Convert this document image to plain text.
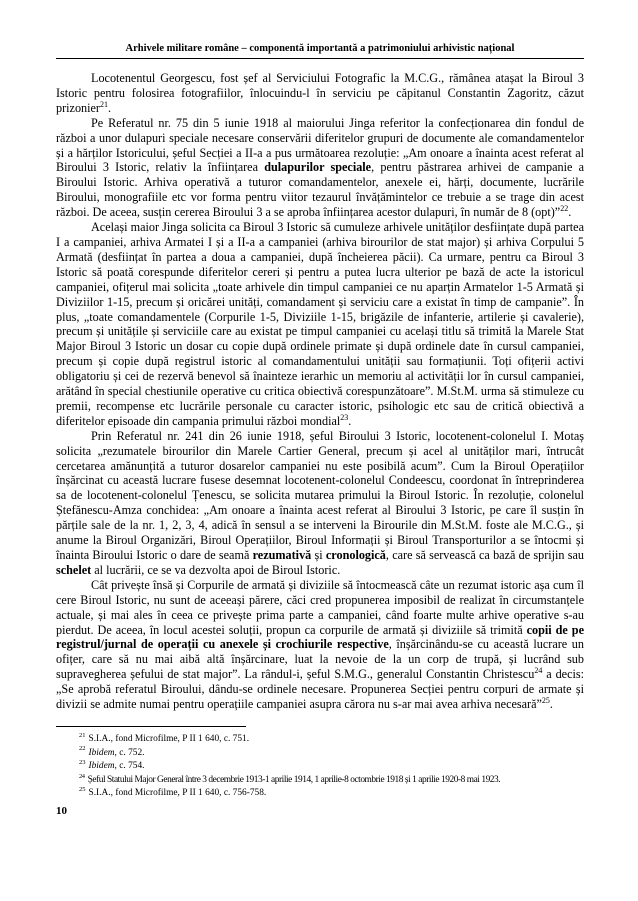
Arhivele militare române – componentă importantă a patrimoniului arhivistic național

Locotenentul Georgescu, fost șef al Serviciului Fotografic la M.C.G., rămânea atașat la Biroul 3 Istoric pentru folosirea fotografiilor, înlocuindu-l în serviciu pe căpitanul Constantin Zagoritz, căzut prizonier$^{21}$.

Pe Referatul nr. 75 din 5 iunie 1918 al maiorului Jinga referitor la confecționarea din fondul de război a unor dulapuri speciale necesare conservării diferitelor grupuri de documente ale comandamentelor și a hărților Istoricului, șeful Secției a II-a a pus următoarea rezoluție: „Am onoare a înainta acest referat al Biroului 3 Istoric, relativ la înființarea dulapurilor speciale, pentru păstrarea arhivei de campanie a Biroului Istoric. Arhiva operativă a tuturor comandamentelor, anexele ei, hărți, documente, lucrările Biroului, monografiile etc vor forma pentru viitor tezaurul învățămintelor ce trebuie a se trage din acest război. De aceea, susțin cererea Biroului 3 a se aproba înființarea acestor dulapuri, în număr de 8 (opt)”$^{22}$.

Același maior Jinga solicita ca Biroul 3 Istoric să cumuleze arhivele unităților desființate după partea I a campaniei, arhiva Armatei I și a II-a a campaniei (arhiva birourilor de stat major) și arhiva Corpului 5 Armată (desființat în partea a doua a campaniei, după încheierea păcii). Ca urmare, pentru ca Biroul 3 Istoric să poată corespunde diferitelor cereri și pentru a putea lucra ulterior pe bază de acte la istoricul campaniei, ofițerul mai solicita „toate arhivele din timpul campaniei ce nu aparțin Armatelor 1-5 Armată și Diviziilor 1-15, precum și oricărei unități, comandament și serviciu care a existat în timp de campanie”. În plus, „toate comandamentele (Corpurile 1-5, Diviziile 1-15, brigăzile de infanterie, artilerie și cavalerie), precum și unitățile și serviciile care au existat pe timpul campaniei cu același titlu să trimită la Marele Stat Major Biroul 3 Istoric un dosar cu copie după ordinele primate și după ordinele date în cursul campaniei, precum și copie după registrul istoric al comandamentului unității sau formațiunii. Toți ofițerii activi obligatoriu și cei de rezervă benevol să înainteze ierarhic un memoriu al activității lor în cursul campaniei, arătând în special chestiunile operative cu critica obiectivă corespunzătoare”. M.St.M. urma să stimuleze cu premii, recompense etc lucrările personale cu caracter istoric, psihologic etc sau de critică obiectivă a diferitelor episoade din campania primului război mondial$^{23}$.

Prin Referatul nr. 241 din 26 iunie 1918, șeful Biroului 3 Istoric, locotenent-colonelul I. Motaș solicita „rezumatele birourilor din Marele Cartier General, precum și acel al unităților mari, întrucât cercetarea amănunțită a tuturor dosarelor campaniei nu este posibilă acum”. Cum la Biroul Operațiilor înșărcinat cu această lucrare fusese desemnat locotenent-colonelul Condeescu, coordonat în întreprinderea sa de locotenent-colonelul Țenescu, se solicita mutarea primului la Biroul Istoric. În rezoluție, colonelul Ștefănescu-Amza conchidea: „Am onoare a înainta acest referat al Biroului 3 Istoric, pe care îl susțin în părțile sale de la nr. 1, 2, 3, 4, adică în sensul a se interveni la Birourile din M.St.M. foste ale M.C.G., și anume la Biroul Organizări, Biroul Operațiilor, Biroul Informații și Biroul Transporturilor a se întocmi și înainta Biroului Istoric o dare de seamă rezumativă și cronologică, care să servească ca bază de sprijin sau schelet al lucrării, ce se va dezvolta apoi de Biroul Istoric.

Cât privește însă și Corpurile de armată și diviziile să întocmească câte un rezumat istoric așa cum îl cere Biroul Istoric, nu sunt de aceeași părere, căci cred propunerea imposibil de realizat în circumstanțele actuale, și mai ales în ceea ce privește prima parte a campaniei, când foarte multe arhive operative s-au pierdut. De aceea, în locul acestei soluții, propun ca corpurile de armată și diviziile să trimită copii de pe registrul/jurnal de operații cu anexele și crochiurile respective, înșărcinându-se cu această lucrare un ofițer, care să nu mai aibă altă înșărcinare, luat la nevoie de la un corp de trupă, și lucrând sub supravegherea șefului de stat major”. La rândul-i, șeful S.M.G., generalul Constantin Christescu$^{24}$ a decis: „Se aprobă referatul Biroului, dându-se ordinele necesare. Propunerea Secției pentru corpuri de armate și divizii se admite numai pentru operațiile campaniei asupra cărora nu s-ar mai avea arhiva necesară”$^{25}$.

$^{21}$ S.I.A., fond Microfilme, P II 1 640, c. 751.
$^{22}$ Ibidem, c. 752.
$^{23}$ Ibidem, c. 754.
$^{24}$ Șeful Statului Major General între 3 decembrie 1913-1 aprilie 1914, 1 aprilie-8 octombrie 1918 și 1 aprilie 1920-8 mai 1923.
$^{25}$ S.I.A., fond Microfilme, P II 1 640, c. 756-758.
10
